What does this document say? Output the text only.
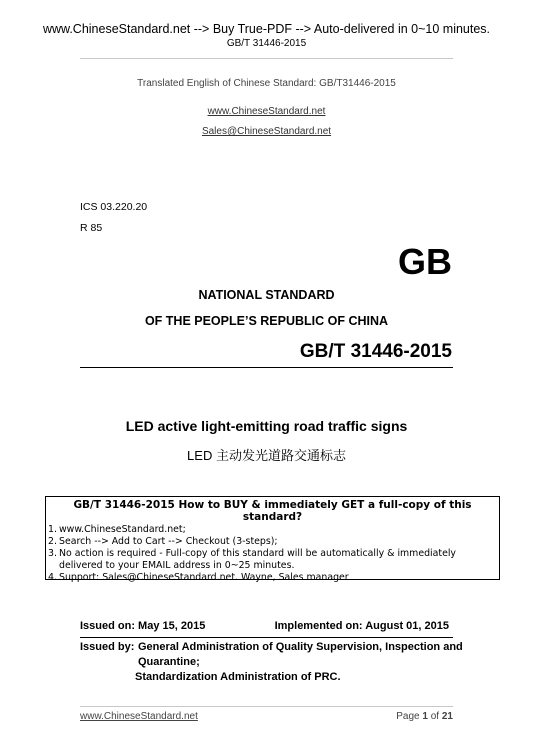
www.ChineseStandard.net --> Buy True-PDF --> Auto-delivered in 0~10 minutes.
GB/T 31446-2015
Translated English of Chinese Standard: GB/T31446-2015
www.ChineseStandard.net
Sales@ChineseStandard.net
ICS 03.220.20
R 85
GB
NATIONAL STANDARD
OF THE PEOPLE’S REPUBLIC OF CHINA
GB/T 31446-2015
LED active light-emitting road traffic signs
LED 主动发光道路交通标志
GB/T 31446-2015 How to BUY & immediately GET a full-copy of this standard?
1. www.ChineseStandard.net;
2. Search --> Add to Cart --> Checkout (3-steps);
3. No action is required - Full-copy of this standard will be automatically & immediately delivered to your EMAIL address in 0~25 minutes.
4. Support: Sales@ChineseStandard.net. Wayne, Sales manager
Issued on: May 15, 2015	Implemented on: August 01, 2015
Issued by: General Administration of Quality Supervision, Inspection and
Quarantine;
Standardization Administration of PRC.
www.ChineseStandard.net	Page 1 of 21
